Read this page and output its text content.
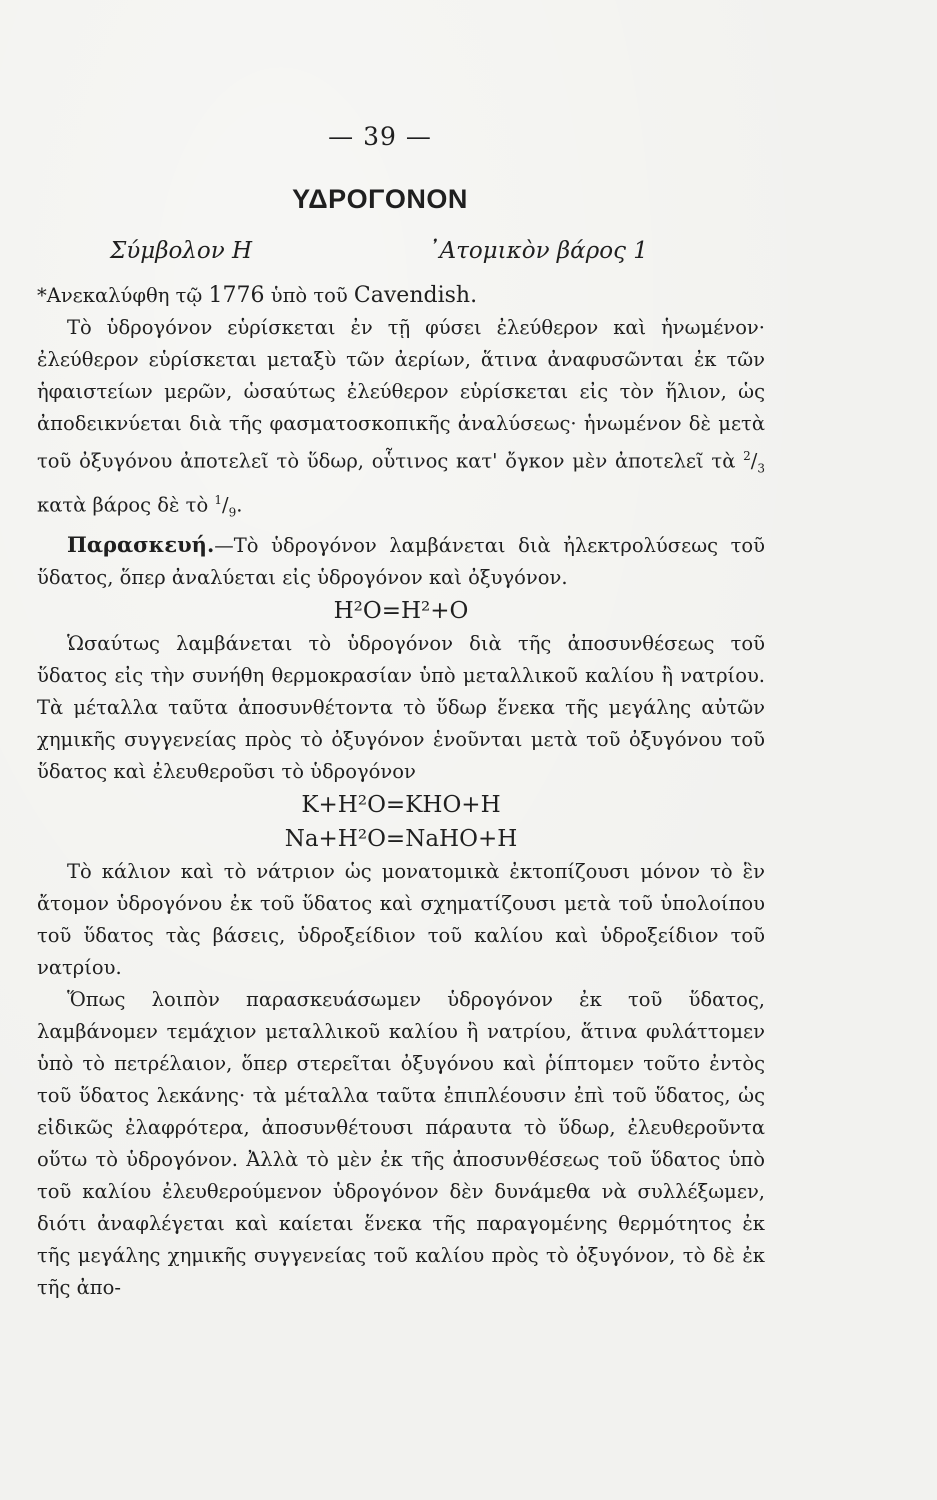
— 39 —
ΥΔΡΟΓΟΝΟΝ
Σύμβολον Η	᾿Ατομικὸν βάρος 1

*Ανεκαλύφθη τῷ 1776 ὑπὸ τοῦ Cavendish.

Τὸ ὑδρογόνον εὑρίσκεται ἐν τῇ φύσει ἐλεύθερον καὶ ἡνωμένον· ἐλεύθερον εὑρίσκεται μεταξὺ τῶν ἀερίων, ἅτινα ἀναφυσῶνται ἐκ τῶν ἡφαιστείων μερῶν, ὡσαύτως ἐλεύθερον εὑρίσκεται εἰς τὸν ἥλιον, ὡς ἀποδεικνύεται διὰ τῆς φασματοσκοπικῆς ἀναλύσεως· ἡνωμένον δὲ μετὰ τοῦ ὀξυγόνου ἀποτελεῖ τὸ ὕδωρ, οὗτινος κατ' ὄγκον μὲν ἀποτελεῖ τὰ $^2/_3$ κατὰ βάρος δὲ τὸ $^1/_9$.

Παρασκευή.—Τὸ ὑδρογόνον λαμβάνεται διὰ ἠλεκτρολύσεως τοῦ ὕδατος, ὅπερ ἀναλύεται εἰς ὑδρογόνον καὶ ὀξυγόνον.

H²O=H²+O

Ὡσαύτως λαμβάνεται τὸ ὑδρογόνον διὰ τῆς ἀποσυνθέσεως τοῦ ὕδατος εἰς τὴν συνήθη θερμοκρασίαν ὑπὸ μεταλλικοῦ καλίου ἢ νατρίου. Τὰ μέταλλα ταῦτα ἀποσυνθέτοντα τὸ ὕδωρ ἕνεκα τῆς μεγάλης αὐτῶν χημικῆς συγγενείας πρὸς τὸ ὀξυγόνον ἑνοῦνται μετὰ τοῦ ὀξυγόνου τοῦ ὕδατος καὶ ἐλευθεροῦσι τὸ ὑδρογόνον

K+H²O=KHO+H

Na+H²O=NaHO+H

Τὸ κάλιον καὶ τὸ νάτριον ὡς μονατομικὰ ἐκτοπίζουσι μόνον τὸ ἓν ἄτομον ὑδρογόνου ἐκ τοῦ ὕδατος καὶ σχηματίζουσι μετὰ τοῦ ὑπολοίπου τοῦ ὕδατος τὰς βάσεις, ὑδροξείδιον τοῦ καλίου καὶ ὑδροξείδιον τοῦ νατρίου.

Ὅπως λοιπὸν παρασκευάσωμεν ὑδρογόνον ἐκ τοῦ ὕδατος, λαμβάνομεν τεμάχιον μεταλλικοῦ καλίου ἢ νατρίου, ἅτινα φυλάττομεν ὑπὸ τὸ πετρέλαιον, ὅπερ στερεῖται ὀξυγόνου καὶ ῥίπτομεν τοῦτο ἐντὸς τοῦ ὕδατος λεκάνης· τὰ μέταλλα ταῦτα ἐπιπλέουσιν ἐπὶ τοῦ ὕδατος, ὡς εἰδικῶς ἐλαφρότερα, ἀποσυνθέτουσι πάραυτα τὸ ὕδωρ, ἐλευθεροῦντα οὕτω τὸ ὑδρογόνον. Ἀλλὰ τὸ μὲν ἐκ τῆς ἀποσυνθέσεως τοῦ ὕδατος ὑπὸ τοῦ καλίου ἐλευθερούμενον ὑδρογόνον δὲν δυνάμεθα νὰ συλλέξωμεν, διότι ἀναφλέγεται καὶ καίεται ἕνεκα τῆς παραγομένης θερμότητος ἐκ τῆς μεγάλης χημικῆς συγγενείας τοῦ καλίου πρὸς τὸ ὀξυγόνον, τὸ δὲ ἐκ τῆς ἀπο-
